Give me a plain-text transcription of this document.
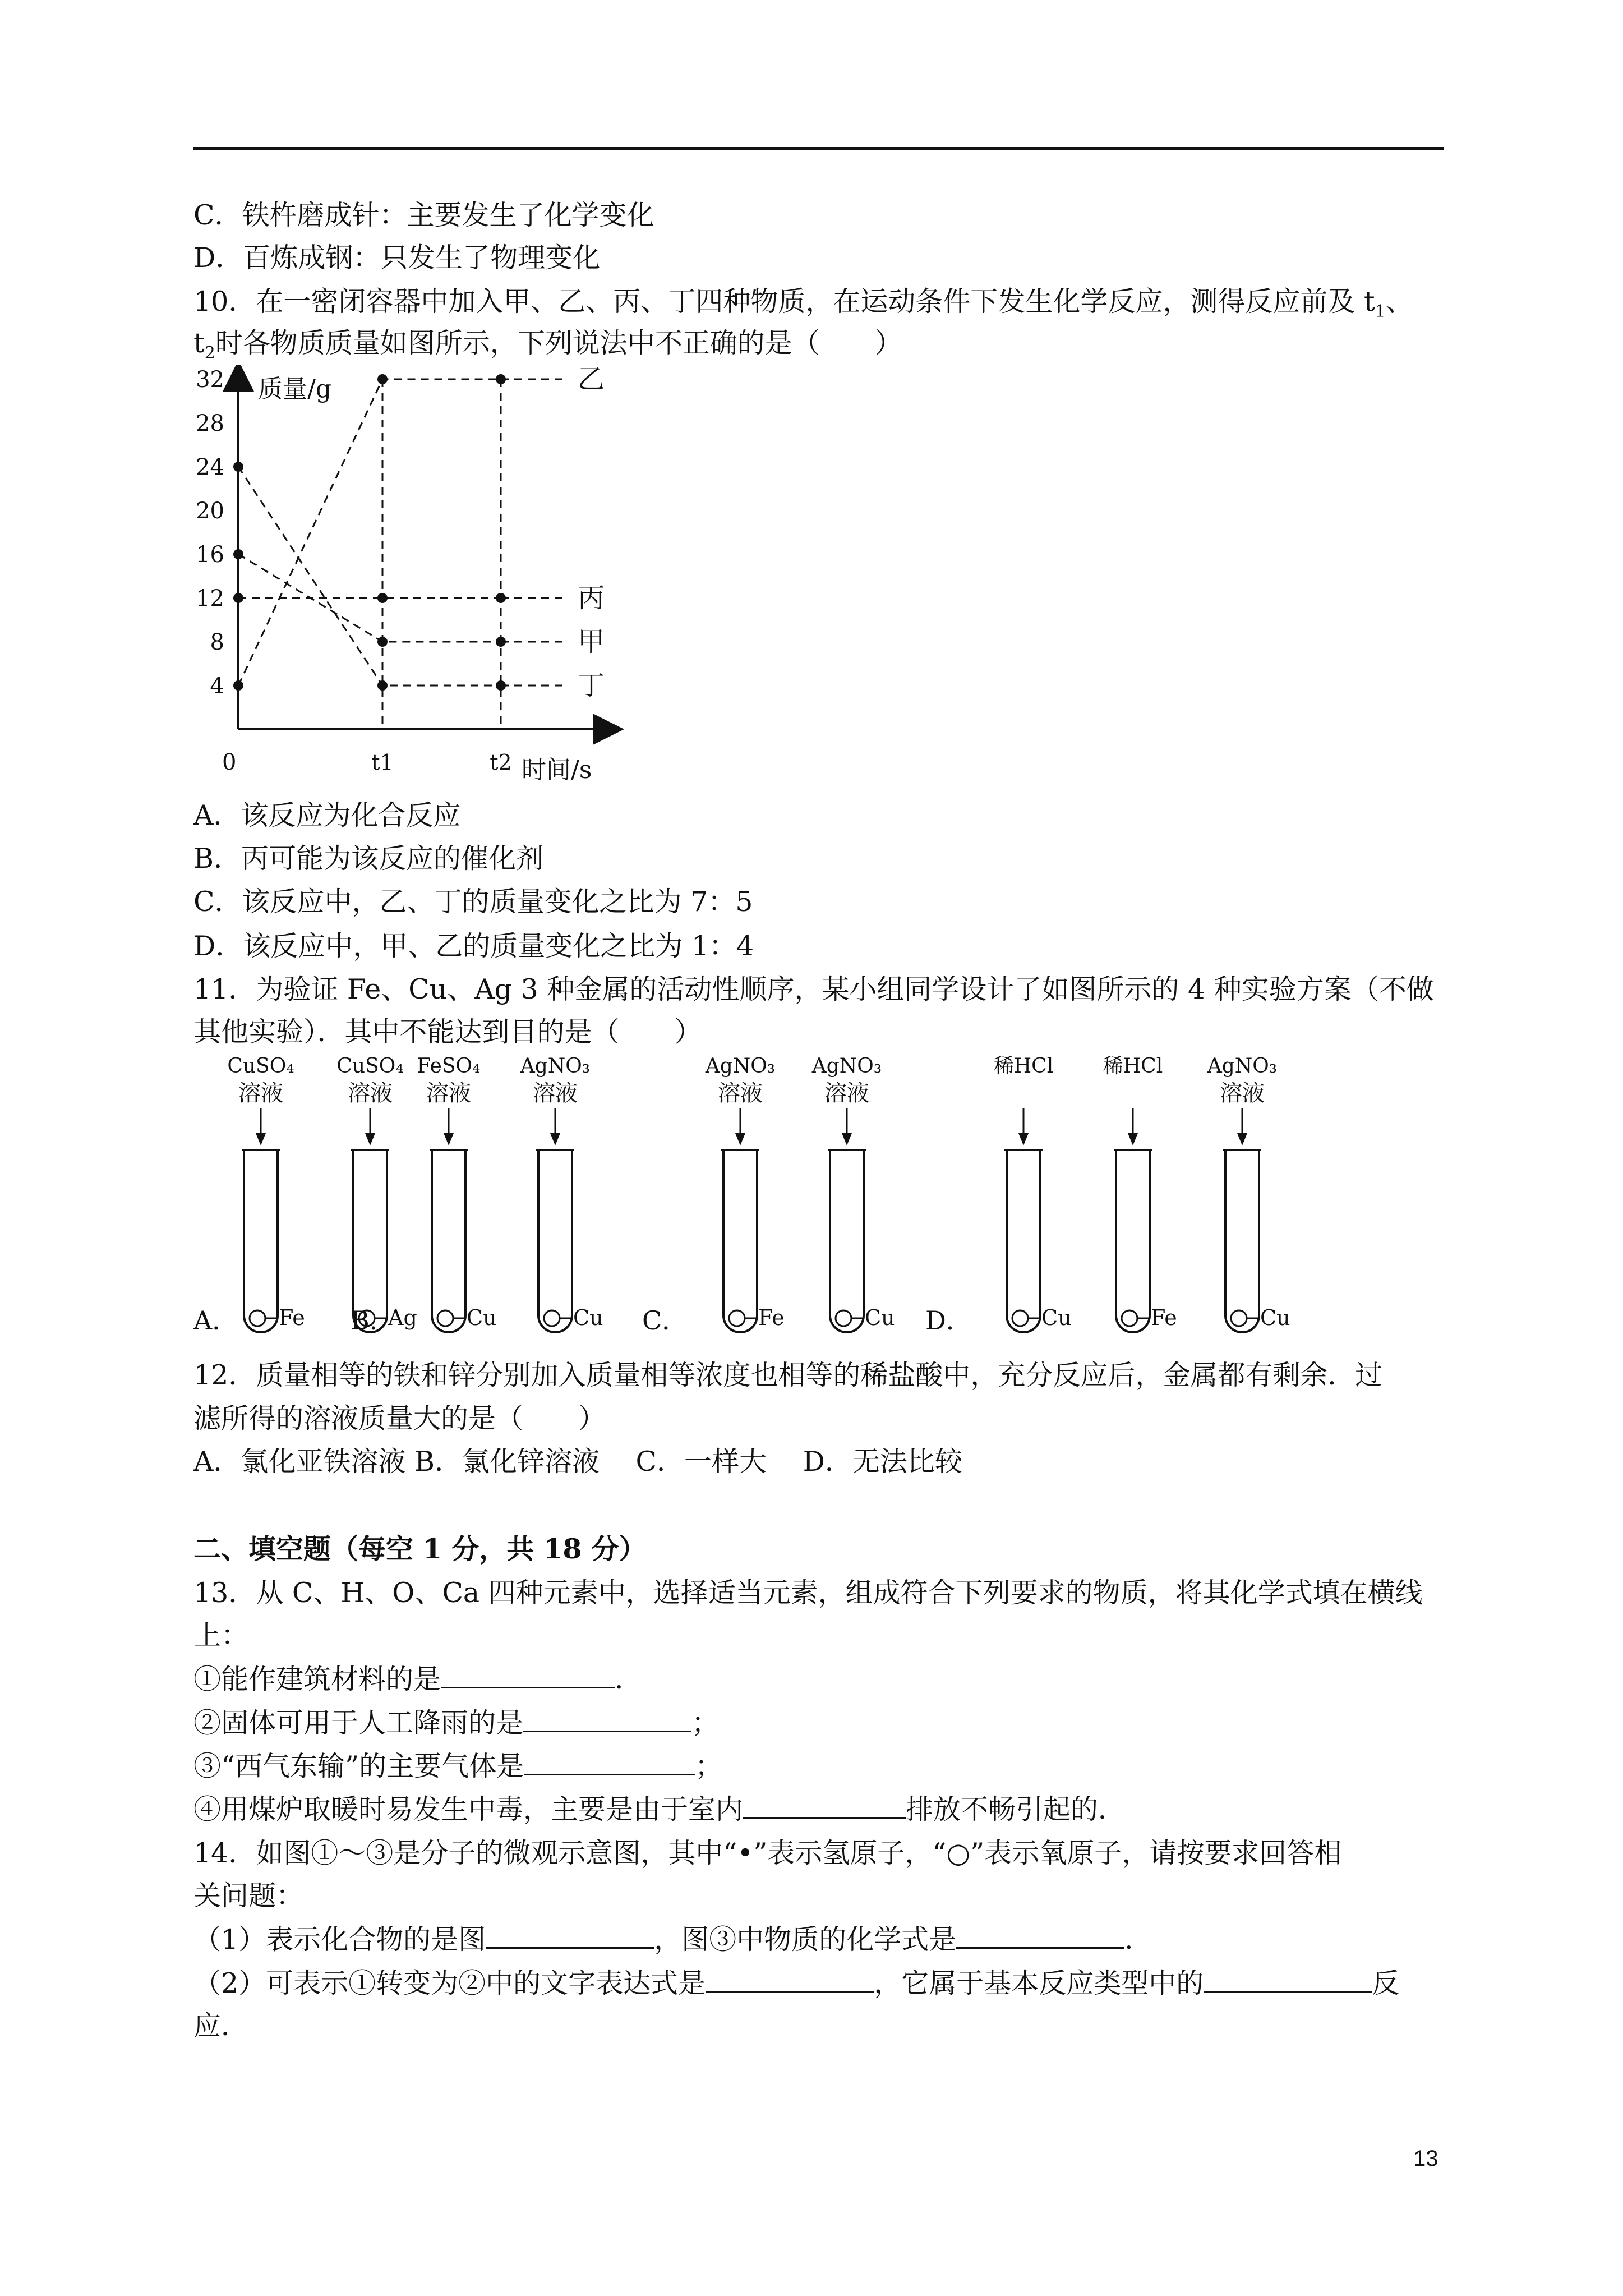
C．铁杵磨成针：主要发生了化学变化
D．百炼成钢：只发生了物理变化
10．在一密闭容器中加入甲、乙、丙、丁四种物质，在运动条件下发生化学反应，测得反应前及 $t_1$、
$t_2$时各物质质量如图所示，下列说法中不正确的是（　　）
质量/g
时间/s
0
4
8
12
16
20
24
28
32
t1	t2
乙
丙
甲
丁
A．该反应为化合反应
B．丙可能为该反应的催化剂
C．该反应中，乙、丁的质量变化之比为 7：5
D．该反应中，甲、乙的质量变化之比为 1：4
11．为验证 Fe、Cu、Ag 3 种金属的活动性顺序，某小组同学设计了如图所示的 4 种实验方案（不做
其他实验）．其中不能达到目的是（　　）
A．
CuSO₄
溶液
Fe
CuSO₄
溶液
Ag
B．
FeSO₄
溶液
Cu
AgNO₃
溶液
Cu C．
AgNO₃
溶液
Fe
AgNO₃
溶液
Cu D．
稀HCl
Cu
稀HCl
Fe
AgNO₃
溶液
Cu
12．质量相等的铁和锌分别加入质量相等浓度也相等的稀盐酸中，充分反应后，金属都有剩余．过
滤所得的溶液质量大的是（　　）
A．氯化亚铁溶液 B．氯化锌溶液　 C．一样大　 D．无法比较
二、填空题（每空 1 分，共 18 分）
13．从 C、H、O、Ca 四种元素中，选择适当元素，组成符合下列要求的物质，将其化学式填在横线
上：
①能作建筑材料的是	．
②固体可用于人工降雨的是	；
③“西气东输”的主要气体是	；
④用煤炉取暖时易发生中毒，主要是由于室内	排放不畅引起的．
14．如图①～③是分子的微观示意图，其中“•”表示氢原子，“○”表示氧原子，请按要求回答相
关问题：
（1）表示化合物的是图	，图③中物质的化学式是	．
（2）可表示①转变为②中的文字表达式是	，它属于基本反应类型中的	反
应．
13
